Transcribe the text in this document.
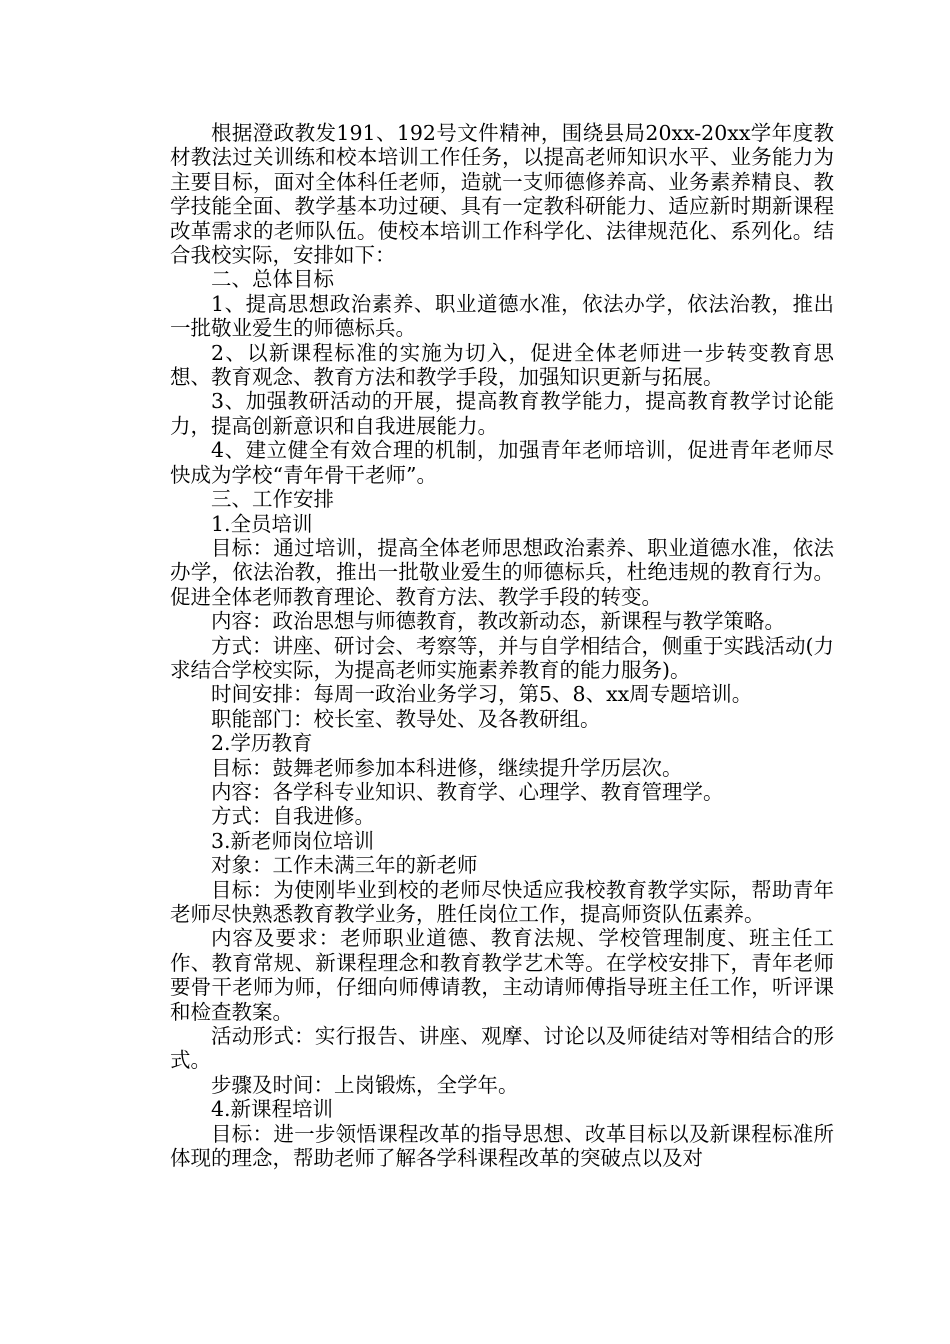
根据澄政教发191、192号文件精神，围绕县局20xx-20xx学年度教材教法过关训练和校本培训工作任务，以提高老师知识水平、业务能力为主要目标，面对全体科任老师，造就一支师德修养高、业务素养精良、教学技能全面、教学基本功过硬、具有一定教科研能力、适应新时期新课程改革需求的老师队伍。使校本培训工作科学化、法律规范化、系列化。结合我校实际，安排如下：

二、总体目标

1、提高思想政治素养、职业道德水准，依法办学，依法治教，推出一批敬业爱生的师德标兵。

2、以新课程标准的实施为切入，促进全体老师进一步转变教育思想、教育观念、教育方法和教学手段，加强知识更新与拓展。

3、加强教研活动的开展，提高教育教学能力，提高教育教学讨论能力，提高创新意识和自我进展能力。

4、建立健全有效合理的机制，加强青年老师培训，促进青年老师尽快成为学校“青年骨干老师”。

三、工作安排

1.全员培训

目标：通过培训，提高全体老师思想政治素养、职业道德水准，依法办学，依法治教，推出一批敬业爱生的师德标兵，杜绝违规的教育行为。促进全体老师教育理论、教育方法、教学手段的转变。

内容：政治思想与师德教育，教改新动态，新课程与教学策略。

方式：讲座、研讨会、考察等，并与自学相结合，侧重于实践活动(力求结合学校实际，为提高老师实施素养教育的能力服务)。

时间安排：每周一政治业务学习，第5、8、xx周专题培训。

职能部门：校长室、教导处、及各教研组。

2.学历教育

目标：鼓舞老师参加本科进修，继续提升学历层次。

内容：各学科专业知识、教育学、心理学、教育管理学。

方式：自我进修。

3.新老师岗位培训

对象：工作未满三年的新老师

目标：为使刚毕业到校的老师尽快适应我校教育教学实际，帮助青年老师尽快熟悉教育教学业务，胜任岗位工作，提高师资队伍素养。

内容及要求：老师职业道德、教育法规、学校管理制度、班主任工作、教育常规、新课程理念和教育教学艺术等。在学校安排下，青年老师要骨干老师为师，仔细向师傅请教，主动请师傅指导班主任工作，听评课和检查教案。

活动形式：实行报告、讲座、观摩、讨论以及师徒结对等相结合的形式。

步骤及时间：上岗锻炼，全学年。

4.新课程培训

目标：进一步领悟课程改革的指导思想、改革目标以及新课程标准所体现的理念，帮助老师了解各学科课程改革的突破点以及对
